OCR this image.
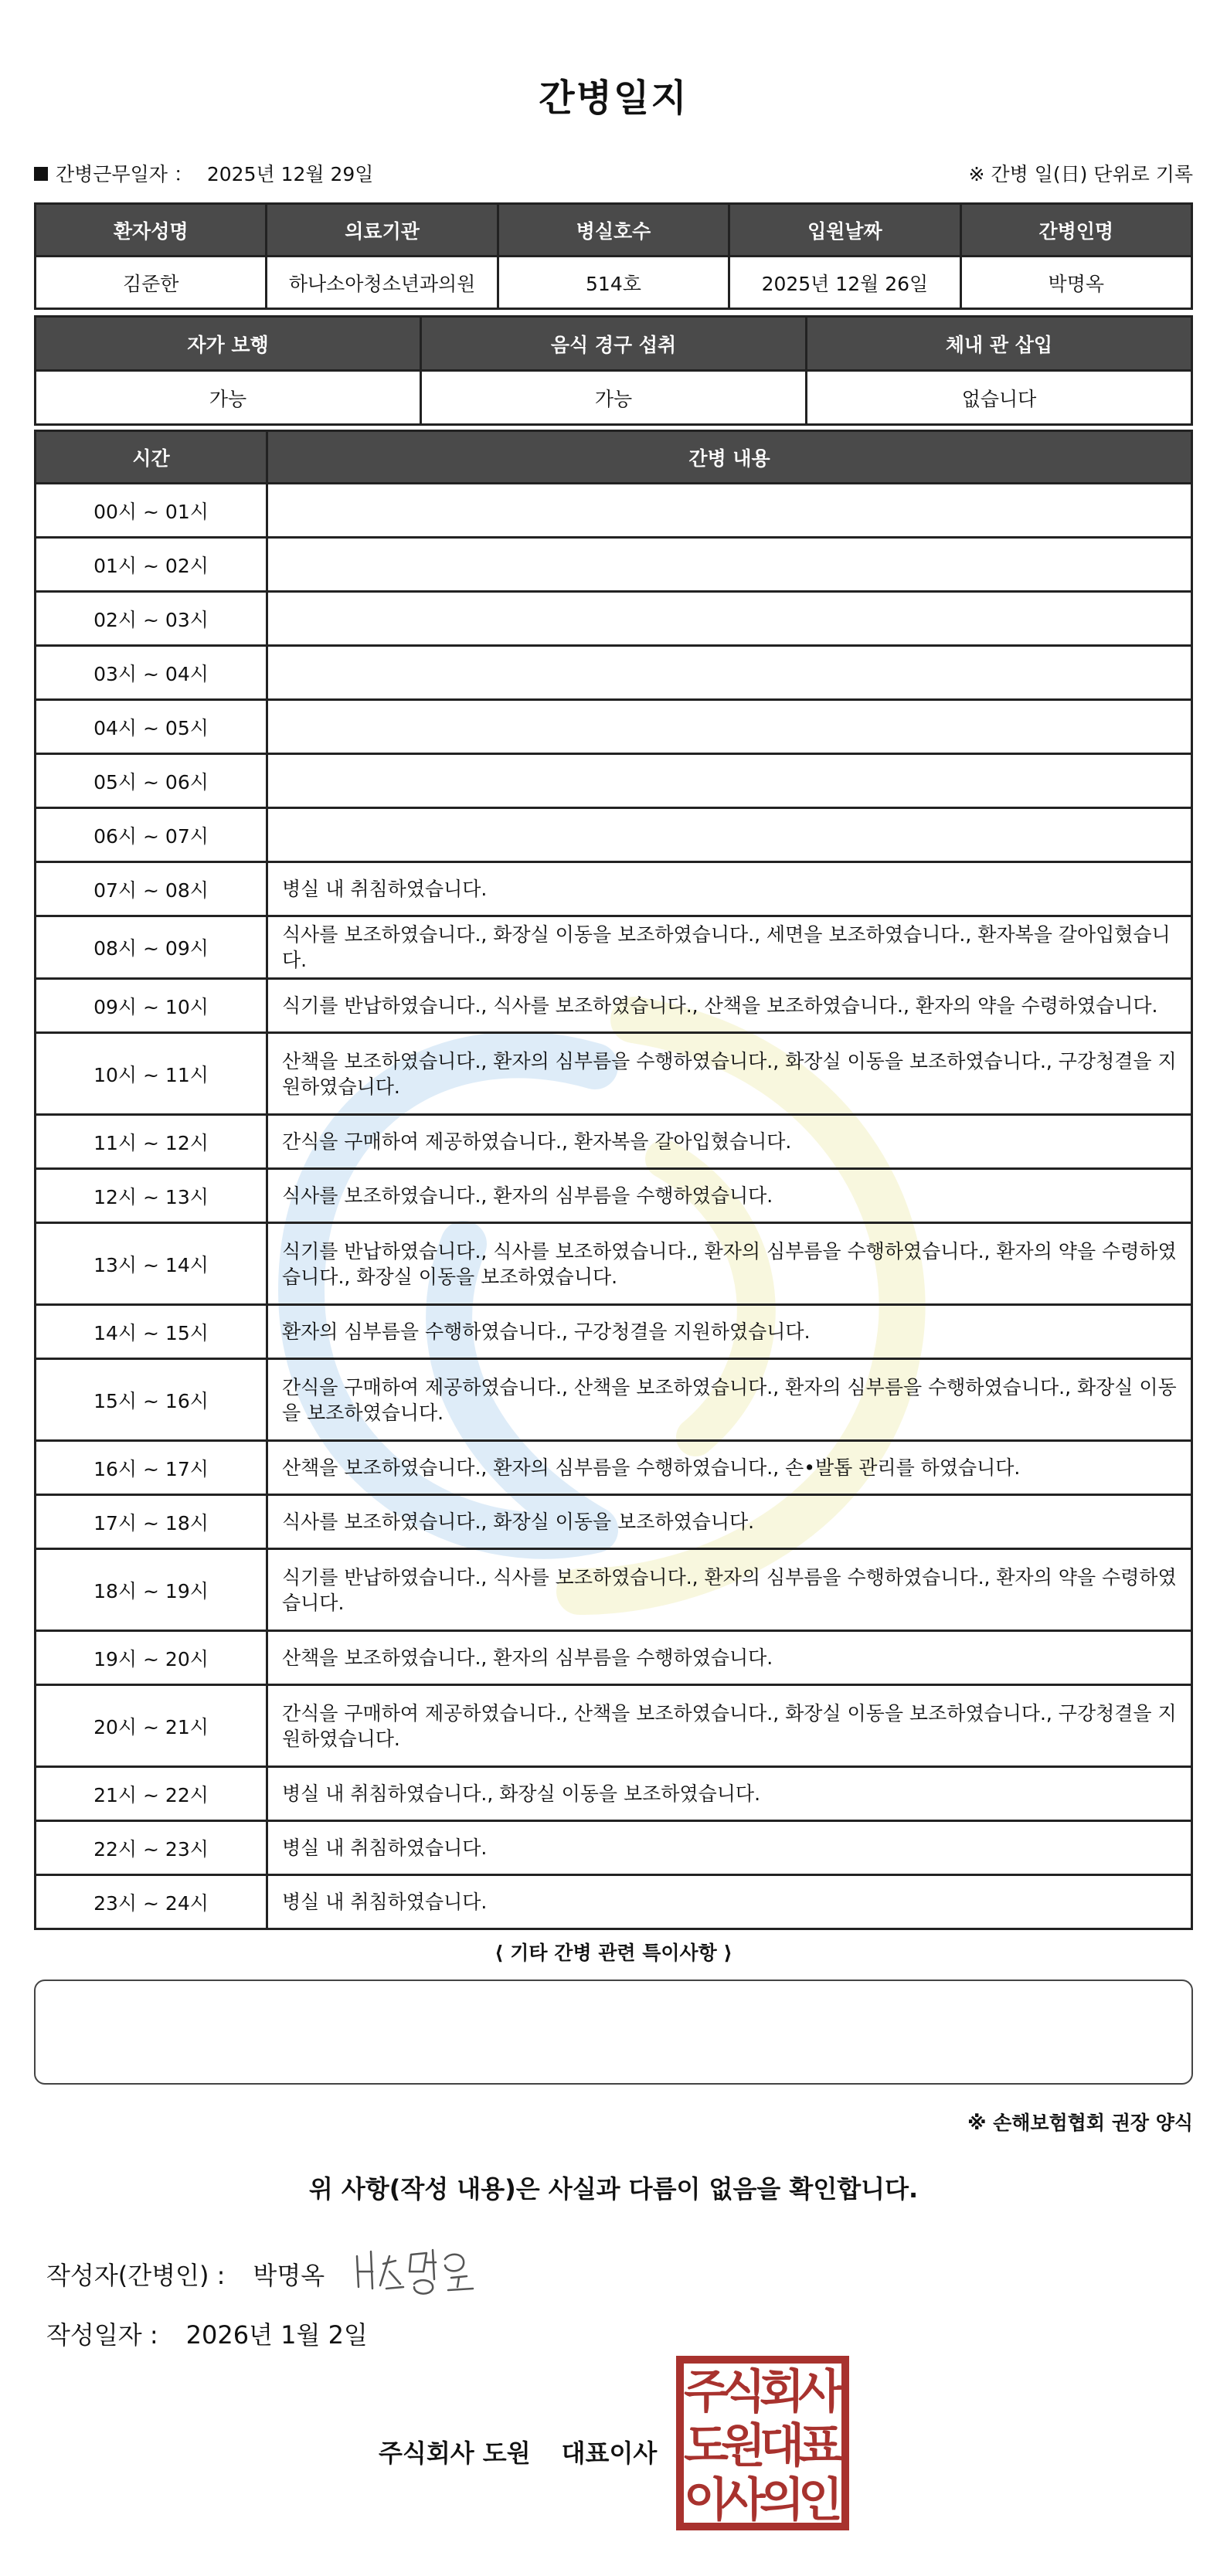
간병일지
간병근무일자 ： 2025년 12월 29일	※ 간병 일(日) 단위로 기록
환자성명	의료기관	병실호수	입원날짜	간병인명
김준한	하나소아청소년과의원	514호	2025년 12월 26일	박명옥
자가 보행	음식 경구 섭취	체내 관 삽입
가능	가능	없습니다
시간	간병 내용
00시 ~ 01시	
01시 ~ 02시	
02시 ~ 03시	
03시 ~ 04시	
04시 ~ 05시	
05시 ~ 06시	
06시 ~ 07시	
07시 ~ 08시	병실 내 취침하였습니다.
08시 ~ 09시	식사를 보조하였습니다., 화장실 이동을 보조하였습니다., 세면을 보조하였습니다., 환자복을 갈아입혔습니다.
09시 ~ 10시	식기를 반납하였습니다., 식사를 보조하였습니다., 산책을 보조하였습니다., 환자의 약을 수령하였습니다.
10시 ~ 11시	산책을 보조하였습니다., 환자의 심부름을 수행하였습니다., 화장실 이동을 보조하였습니다., 구강청결을 지원하였습니다.
11시 ~ 12시	간식을 구매하여 제공하였습니다., 환자복을 갈아입혔습니다.
12시 ~ 13시	식사를 보조하였습니다., 환자의 심부름을 수행하였습니다.
13시 ~ 14시	식기를 반납하였습니다., 식사를 보조하였습니다., 환자의 심부름을 수행하였습니다., 환자의 약을 수령하였습니다., 화장실 이동을 보조하였습니다.
14시 ~ 15시	환자의 심부름을 수행하였습니다., 구강청결을 지원하였습니다.
15시 ~ 16시	간식을 구매하여 제공하였습니다., 산책을 보조하였습니다., 환자의 심부름을 수행하였습니다., 화장실 이동을 보조하였습니다.
16시 ~ 17시	산책을 보조하였습니다., 환자의 심부름을 수행하였습니다., 손•발톱 관리를 하였습니다.
17시 ~ 18시	식사를 보조하였습니다., 화장실 이동을 보조하였습니다.
18시 ~ 19시	식기를 반납하였습니다., 식사를 보조하였습니다., 환자의 심부름을 수행하였습니다., 환자의 약을 수령하였습니다.
19시 ~ 20시	산책을 보조하였습니다., 환자의 심부름을 수행하였습니다.
20시 ~ 21시	간식을 구매하여 제공하였습니다., 산책을 보조하였습니다., 화장실 이동을 보조하였습니다., 구강청결을 지원하였습니다.
21시 ~ 22시	병실 내 취침하였습니다., 화장실 이동을 보조하였습니다.
22시 ~ 23시	병실 내 취침하였습니다.
23시 ~ 24시	병실 내 취침하였습니다.
⟨ 기타 간병 관련 특이사항 ⟩
※ 손해보험협회 권장 양식
위 사항(작성 내용)은 사실과 다름이 없음을 확인합니다.
작성자(간병인) : 박명옥
작성일자 : 2026년 1월 2일
주식회사 도원 대표이사
주
식
회
사
도
원
대
표
이
사
의
인
